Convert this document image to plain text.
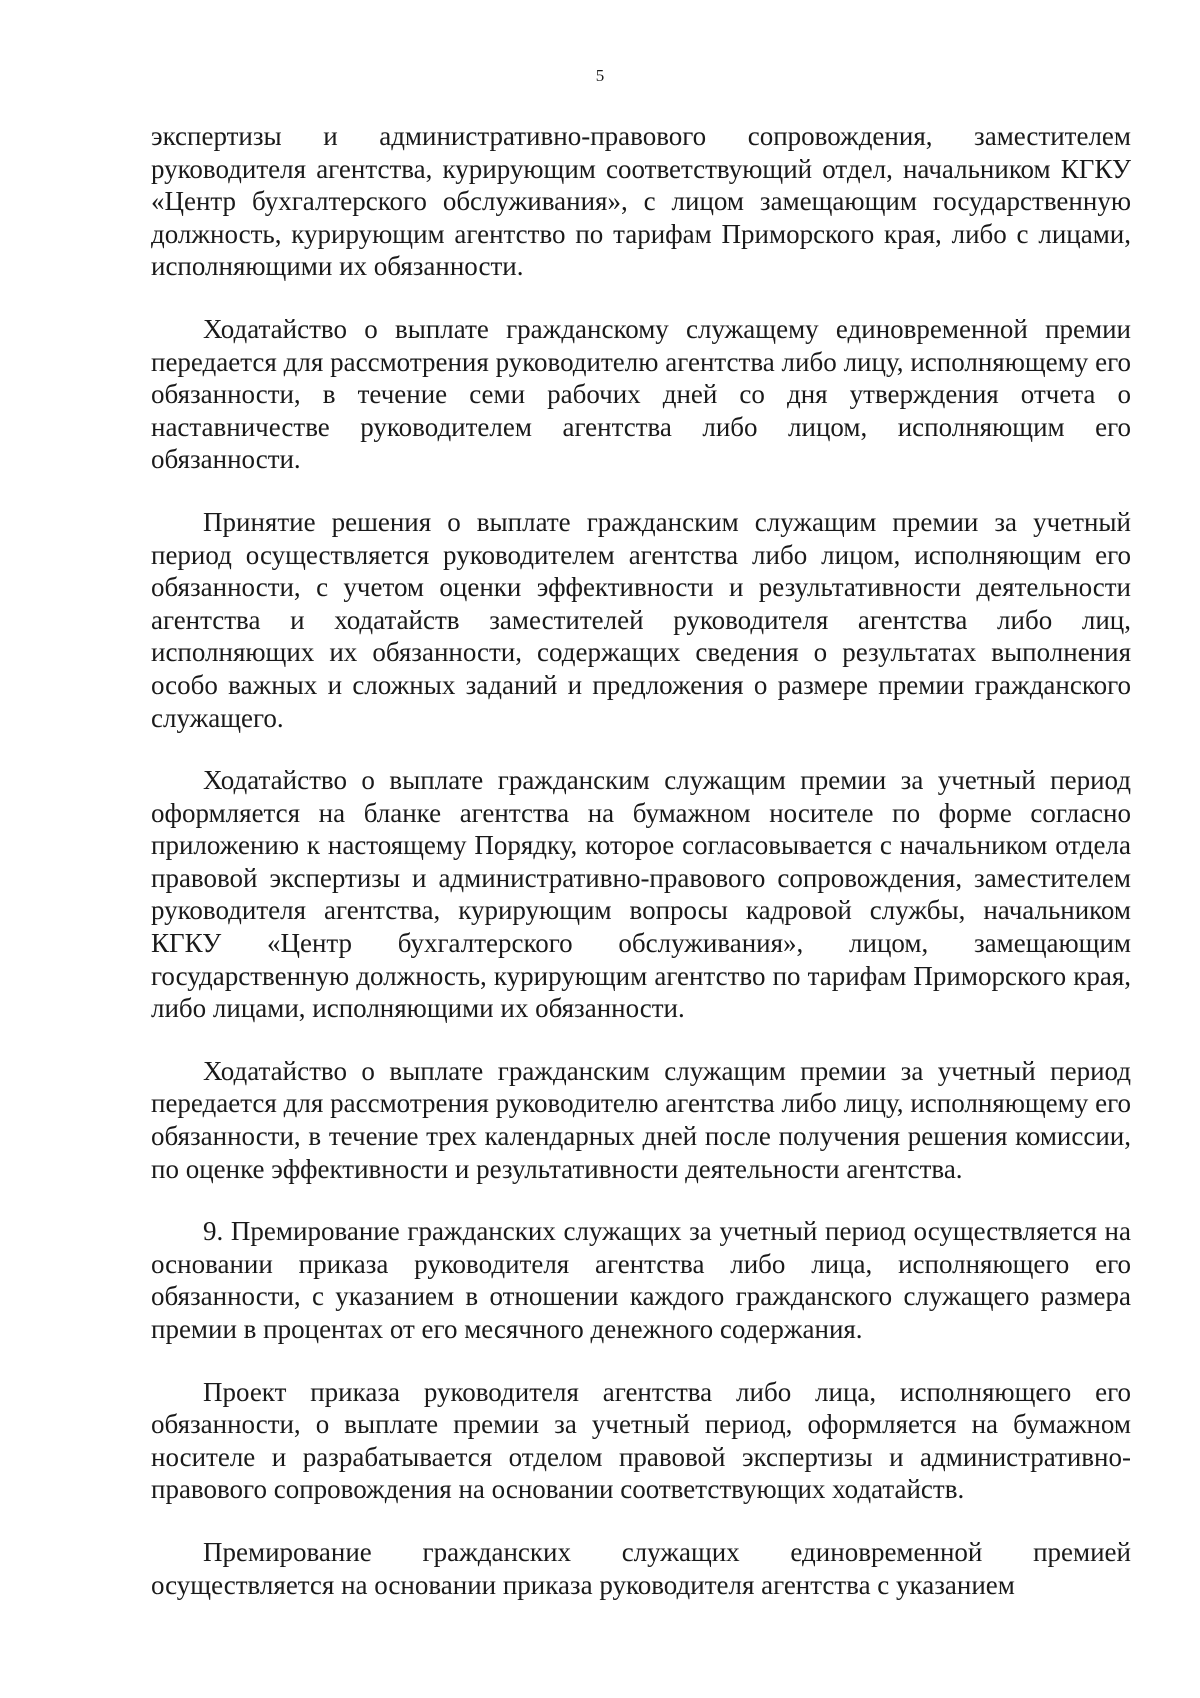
5

экспертизы и административно-правового сопровождения, заместителем руководителя агентства, курирующим соответствующий отдел, начальником КГКУ «Центр бухгалтерского обслуживания», с лицом замещающим государственную должность, курирующим агентство по тарифам Приморского края, либо с лицами, исполняющими их обязанности.

Ходатайство о выплате гражданскому служащему единовременной премии передается для рассмотрения руководителю агентства либо лицу, исполняющему его обязанности, в течение семи рабочих дней со дня утверждения отчета о наставничестве руководителем агентства либо лицом, исполняющим его обязанности.

Принятие решения о выплате гражданским служащим премии за учетный период осуществляется руководителем агентства либо лицом, исполняющим его обязанности, с учетом оценки эффективности и результативности деятельности агентства и ходатайств заместителей руководителя агентства либо лиц, исполняющих их обязанности, содержащих сведения о результатах выполнения особо важных и сложных заданий и предложения о размере премии гражданского служащего.

Ходатайство о выплате гражданским служащим премии за учетный период оформляется на бланке агентства на бумажном носителе по форме согласно приложению к настоящему Порядку, которое согласовывается с начальником отдела правовой экспертизы и административно-правового сопровождения, заместителем руководителя агентства, курирующим вопросы кадровой службы, начальником КГКУ «Центр бухгалтерского обслуживания», лицом, замещающим государственную должность, курирующим агентство по тарифам Приморского края, либо лицами, исполняющими их обязанности.

Ходатайство о выплате гражданским служащим премии за учетный период передается для рассмотрения руководителю агентства либо лицу, исполняющему его обязанности, в течение трех календарных дней после получения решения комиссии, по оценке эффективности и результативности деятельности агентства.

9. Премирование гражданских служащих за учетный период осуществляется на основании приказа руководителя агентства либо лица, исполняющего его обязанности, с указанием в отношении каждого гражданского служащего размера премии в процентах от его месячного денежного содержания.

Проект приказа руководителя агентства либо лица, исполняющего его обязанности, о выплате премии за учетный период, оформляется на бумажном носителе и разрабатывается отделом правовой экспертизы и административно-правового сопровождения на основании соответствующих ходатайств.

Премирование гражданских служащих единовременной премией осуществляется на основании приказа руководителя агентства с указанием
